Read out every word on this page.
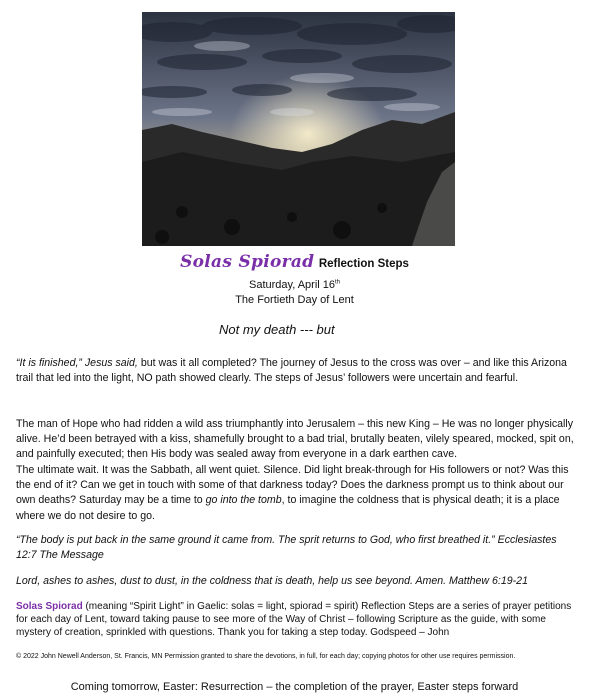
Solas Spiorad Reflection Steps
Saturday, April 16th
The Fortieth Day of Lent
Not my death --- but
“It is finished,” Jesus said, but was it all completed? The journey of Jesus to the cross was over – and like this Arizona trail that led into the light, NO path showed clearly. The steps of Jesus’ followers were uncertain and fearful.
The man of Hope who had ridden a wild ass triumphantly into Jerusalem – this new King – He was no longer physically alive. He’d been betrayed with a kiss, shamefully brought to a bad trial, brutally beaten, vilely speared, mocked, spit on, and painfully executed; then His body was sealed away from everyone in a dark earthen cave.
The ultimate wait. It was the Sabbath, all went quiet. Silence. Did light break-through for His followers or not? Was this the end of it? Can we get in touch with some of that darkness today? Does the darkness prompt us to think about our own deaths? Saturday may be a time to go into the tomb, to imagine the coldness that is physical death; it is a place where we do not desire to go.
“The body is put back in the same ground it came from. The sprit returns to God, who first breathed it.” Ecclesiastes 12:7 The Message
Lord, ashes to ashes, dust to dust, in the coldness that is death, help us see beyond. Amen. Matthew 6:19-21
Solas Spiorad (meaning “Spirit Light” in Gaelic: solas = light, spiorad = spirit) Reflection Steps are a series of prayer petitions for each day of Lent, toward taking pause to see more of the Way of Christ – following Scripture as the guide, with some mystery of creation, sprinkled with questions. Thank you for taking a step today. Godspeed – John
© 2022 John Newell Anderson, St. Francis, MN Permission granted to share the devotions, in full, for each day; copying photos for other use requires permission.
Coming tomorrow, Easter: Resurrection – the completion of the prayer, Easter steps forward
